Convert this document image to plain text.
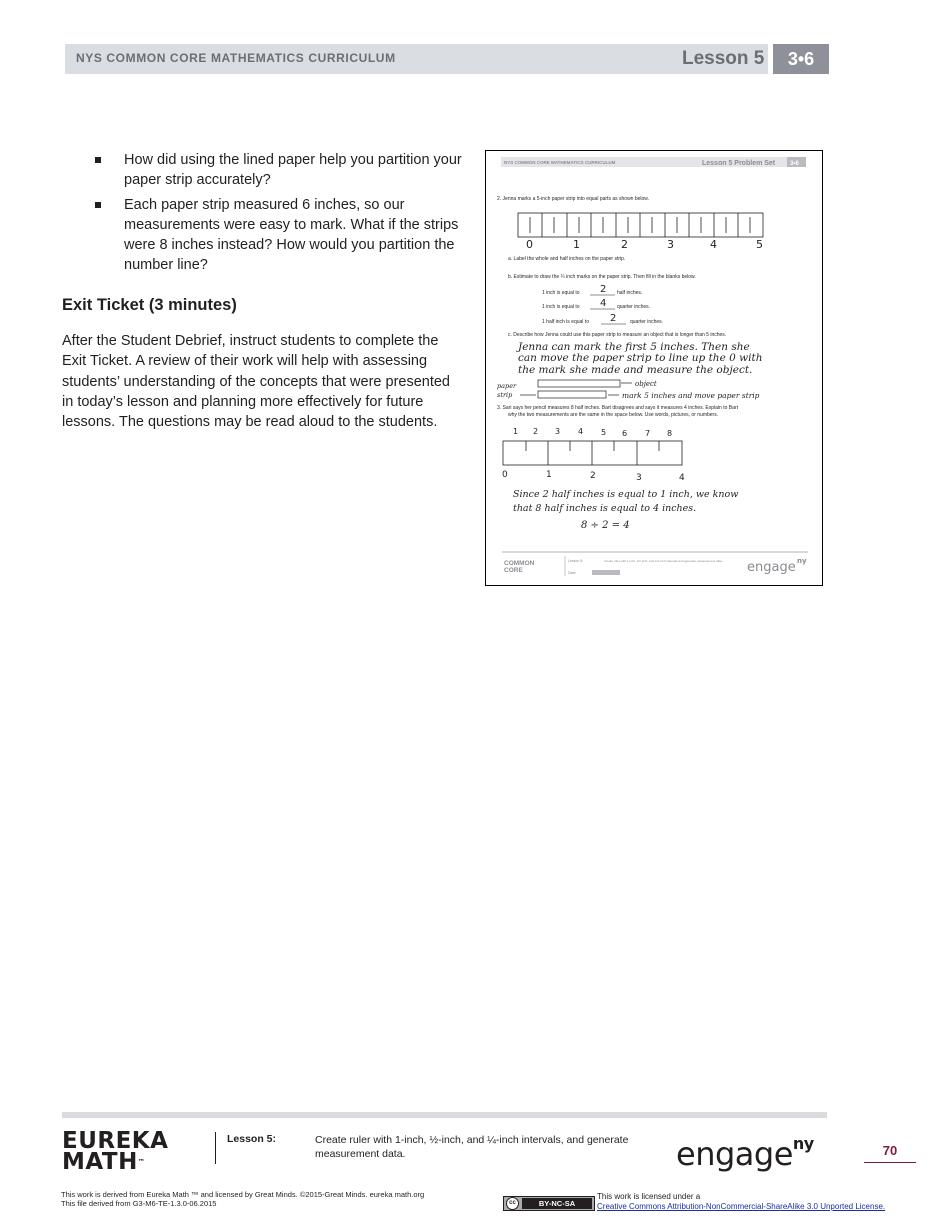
NYS COMMON CORE MATHEMATICS CURRICULUM	Lesson 5	3•6
How did using the lined paper help you partition your paper strip accurately?
Each paper strip measured 6 inches, so our measurements were easy to mark. What if the strips were 8 inches instead? How would you partition the number line?
Exit Ticket (3 minutes)
After the Student Debrief, instruct students to complete the Exit Ticket. A review of their work will help with assessing students’ understanding of the concepts that were presented in today’s lesson and planning more effectively for future lessons. The questions may be read aloud to the students.
NYS COMMON CORE MATHEMATICS CURRICULUM	Lesson 5 Problem Set 3•6
2. Jenna marks a 5-inch paper strip into equal parts as shown below.
0	1	2	3	4	5
a. Label the whole and half inches on the paper strip.
b. Estimate to draw the ¼ inch marks on the paper strip. Then fill in the blanks below.
1 inch is equal to 2 half inches.
1 inch is equal to 4 quarter inches.
1 half inch is equal to 2	quarter inches.
c. Describe how Jenna could use this paper strip to measure an object that is longer than 5 inches.
Jenna can mark the first 5 inches. Then she
can move the paper strip to line up the 0 with
the mark she made and measure the object.
paper
strip
object
mark 5 inches and move paper strip
3. Sari says her pencil measures 8 half inches. Bart disagrees and says it measures 4 inches. Explain to Bart
why the two measurements are the same in the space below. Use words, pictures, or numbers.
1 2 3 4 5 6 7 8
0	1	2	3	4
Since 2 half inches is equal to 1 inch, we know
that 8 half inches is equal to 4 inches.
8 ÷ 2 = 4
COMMON
CORE
Lesson 5:
Date:
Create ruler with 1-inch, 1/2-inch, and 1/4-inch intervals and generate measurement data. engage ny
EUREKA
MATH™
Lesson 5:	Create ruler with 1-inch, ½-inch, and ¼-inch intervals, and generate measurement data.	engage$^{ny}$	70
This work is derived from Eureka Math ™ and licensed by Great Minds. ©2015-Great Minds. eureka math.org
This file derived from G3-M6-TE-1.3.0-06.2015	cc	BY-NC-SA
This work is licensed under a
Creative Commons Attribution-NonCommercial-ShareAlike 3.0 Unported License.
